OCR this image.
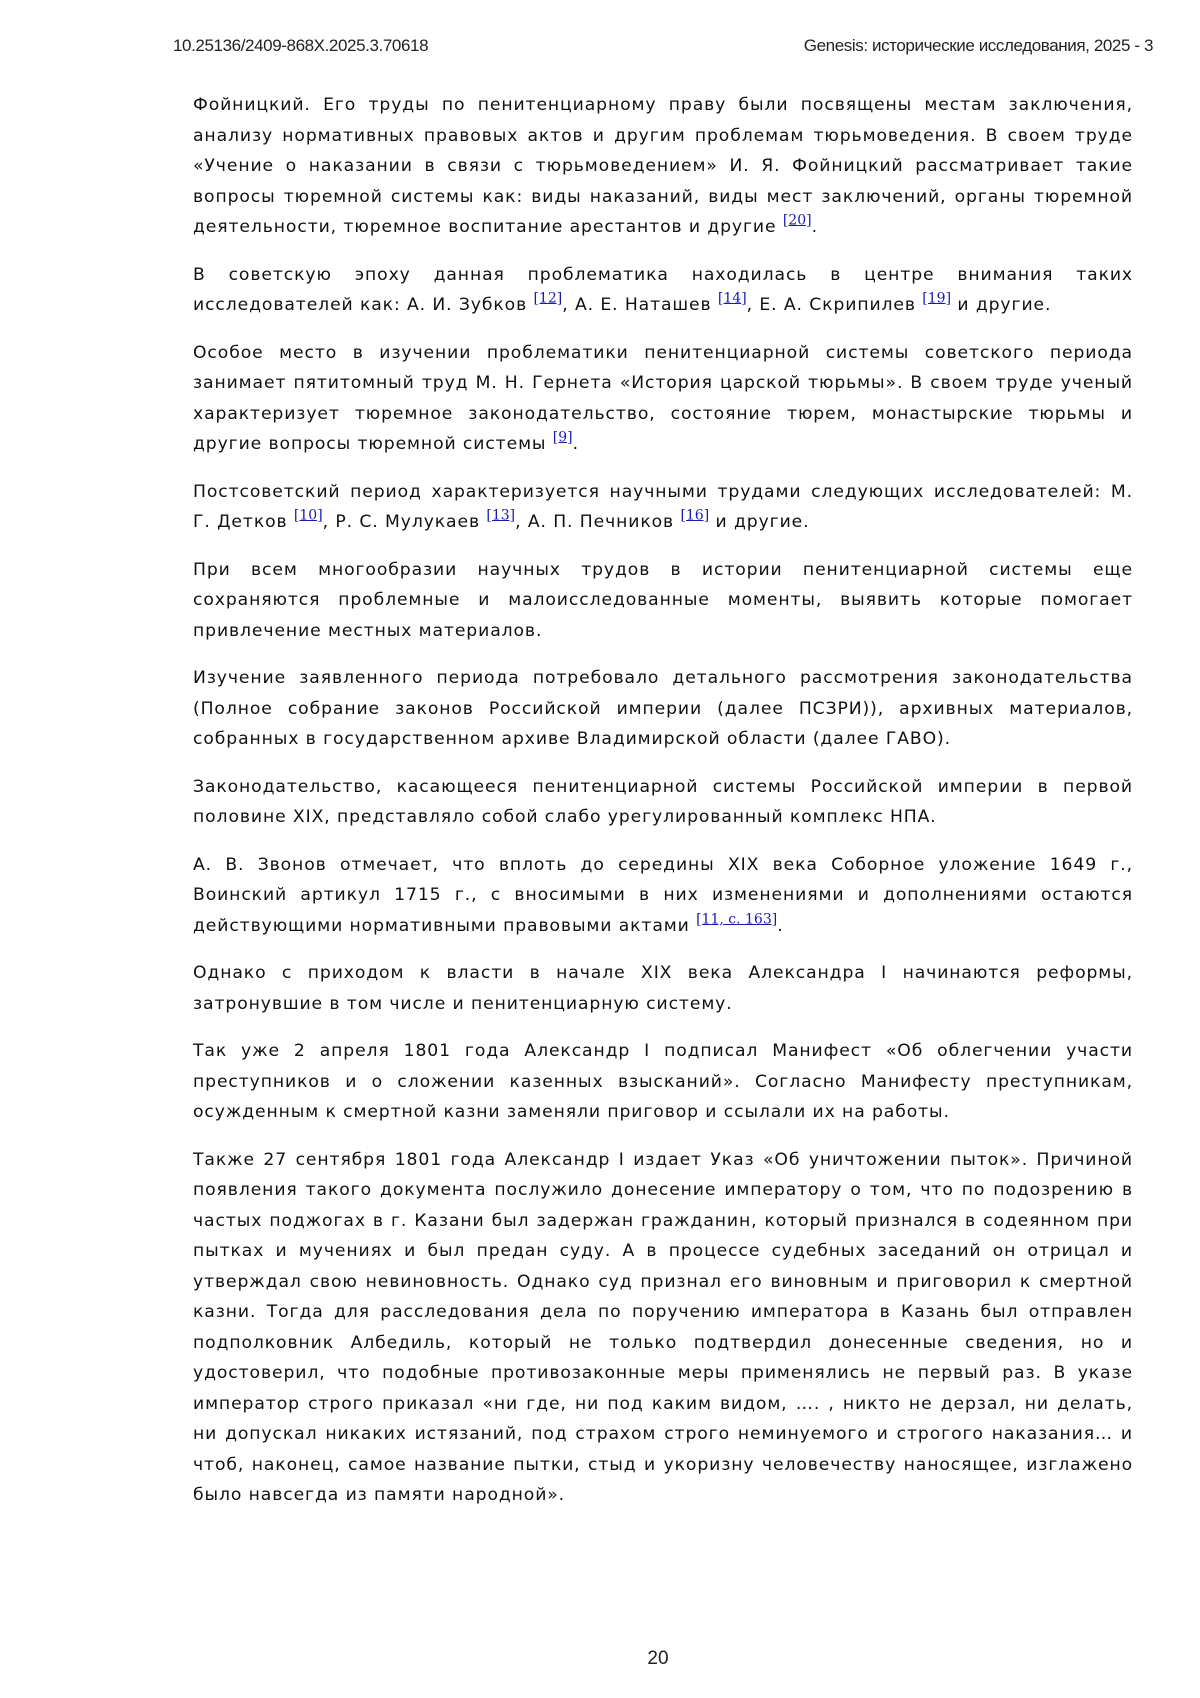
10.25136/2409-868X.2025.3.70618	Genesis: исторические исследования, 2025 - 3

Фойницкий. Его труды по пенитенциарному праву были посвящены местам заключения, анализу нормативных правовых актов и другим проблемам тюрьмоведения. В своем труде «Учение о наказании в связи с тюрьмоведением» И. Я. Фойницкий рассматривает такие вопросы тюремной системы как: виды наказаний, виды мест заключений, органы тюремной деятельности, тюремное воспитание арестантов и другие [20].

В советскую эпоху данная проблематика находилась в центре внимания таких исследователей как: А. И. Зубков [12], А. Е. Наташев [14], Е. А. Скрипилев [19] и другие.

Особое место в изучении проблематики пенитенциарной системы советского периода занимает пятитомный труд М. Н. Гернета «История царской тюрьмы». В своем труде ученый характеризует тюремное законодательство, состояние тюрем, монастырские тюрьмы и другие вопросы тюремной системы [9].

Постсоветский период характеризуется научными трудами следующих исследователей: М. Г. Детков [10], Р. С. Мулукаев [13], А. П. Печников [16] и другие.

При всем многообразии научных трудов в истории пенитенциарной системы еще сохраняются проблемные и малоисследованные моменты, выявить которые помогает привлечение местных материалов.

Изучение заявленного периода потребовало детального рассмотрения законодательства (Полное собрание законов Российской империи (далее ПСЗРИ)), архивных материалов, собранных в государственном архиве Владимирской области (далее ГАВО).

Законодательство, касающееся пенитенциарной системы Российской империи в первой половине XIX, представляло собой слабо урегулированный комплекс НПА.

А. В. Звонов отмечает, что вплоть до середины XIX века Соборное уложение 1649 г., Воинский артикул 1715 г., с вносимыми в них изменениями и дополнениями остаются действующими нормативными правовыми актами [11, с. 163].

Однако с приходом к власти в начале XIX века Александра I начинаются реформы, затронувшие в том числе и пенитенциарную систему.

Так уже 2 апреля 1801 года Александр I подписал Манифест «Об облегчении участи преступников и о сложении казенных взысканий». Согласно Манифесту преступникам, осужденным к смертной казни заменяли приговор и ссылали их на работы.

Также 27 сентября 1801 года Александр I издает Указ «Об уничтожении пыток». Причиной появления такого документа послужило донесение императору о том, что по подозрению в частых поджогах в г. Казани был задержан гражданин, который признался в содеянном при пытках и мучениях и был предан суду. А в процессе судебных заседаний он отрицал и утверждал свою невиновность. Однако суд признал его виновным и приговорил к смертной казни. Тогда для расследования дела по поручению императора в Казань был отправлен подполковник Албедиль, который не только подтвердил донесенные сведения, но и удостоверил, что подобные противозаконные меры применялись не первый раз. В указе император строго приказал «ни где, ни под каким видом, …. , никто не дерзал, ни делать, ни допускал никаких истязаний, под страхом строго неминуемого и строгого наказания… и чтоб, наконец, самое название пытки, стыд и укоризну человечеству наносящее, изглажено было навсегда из памяти народной».

20
